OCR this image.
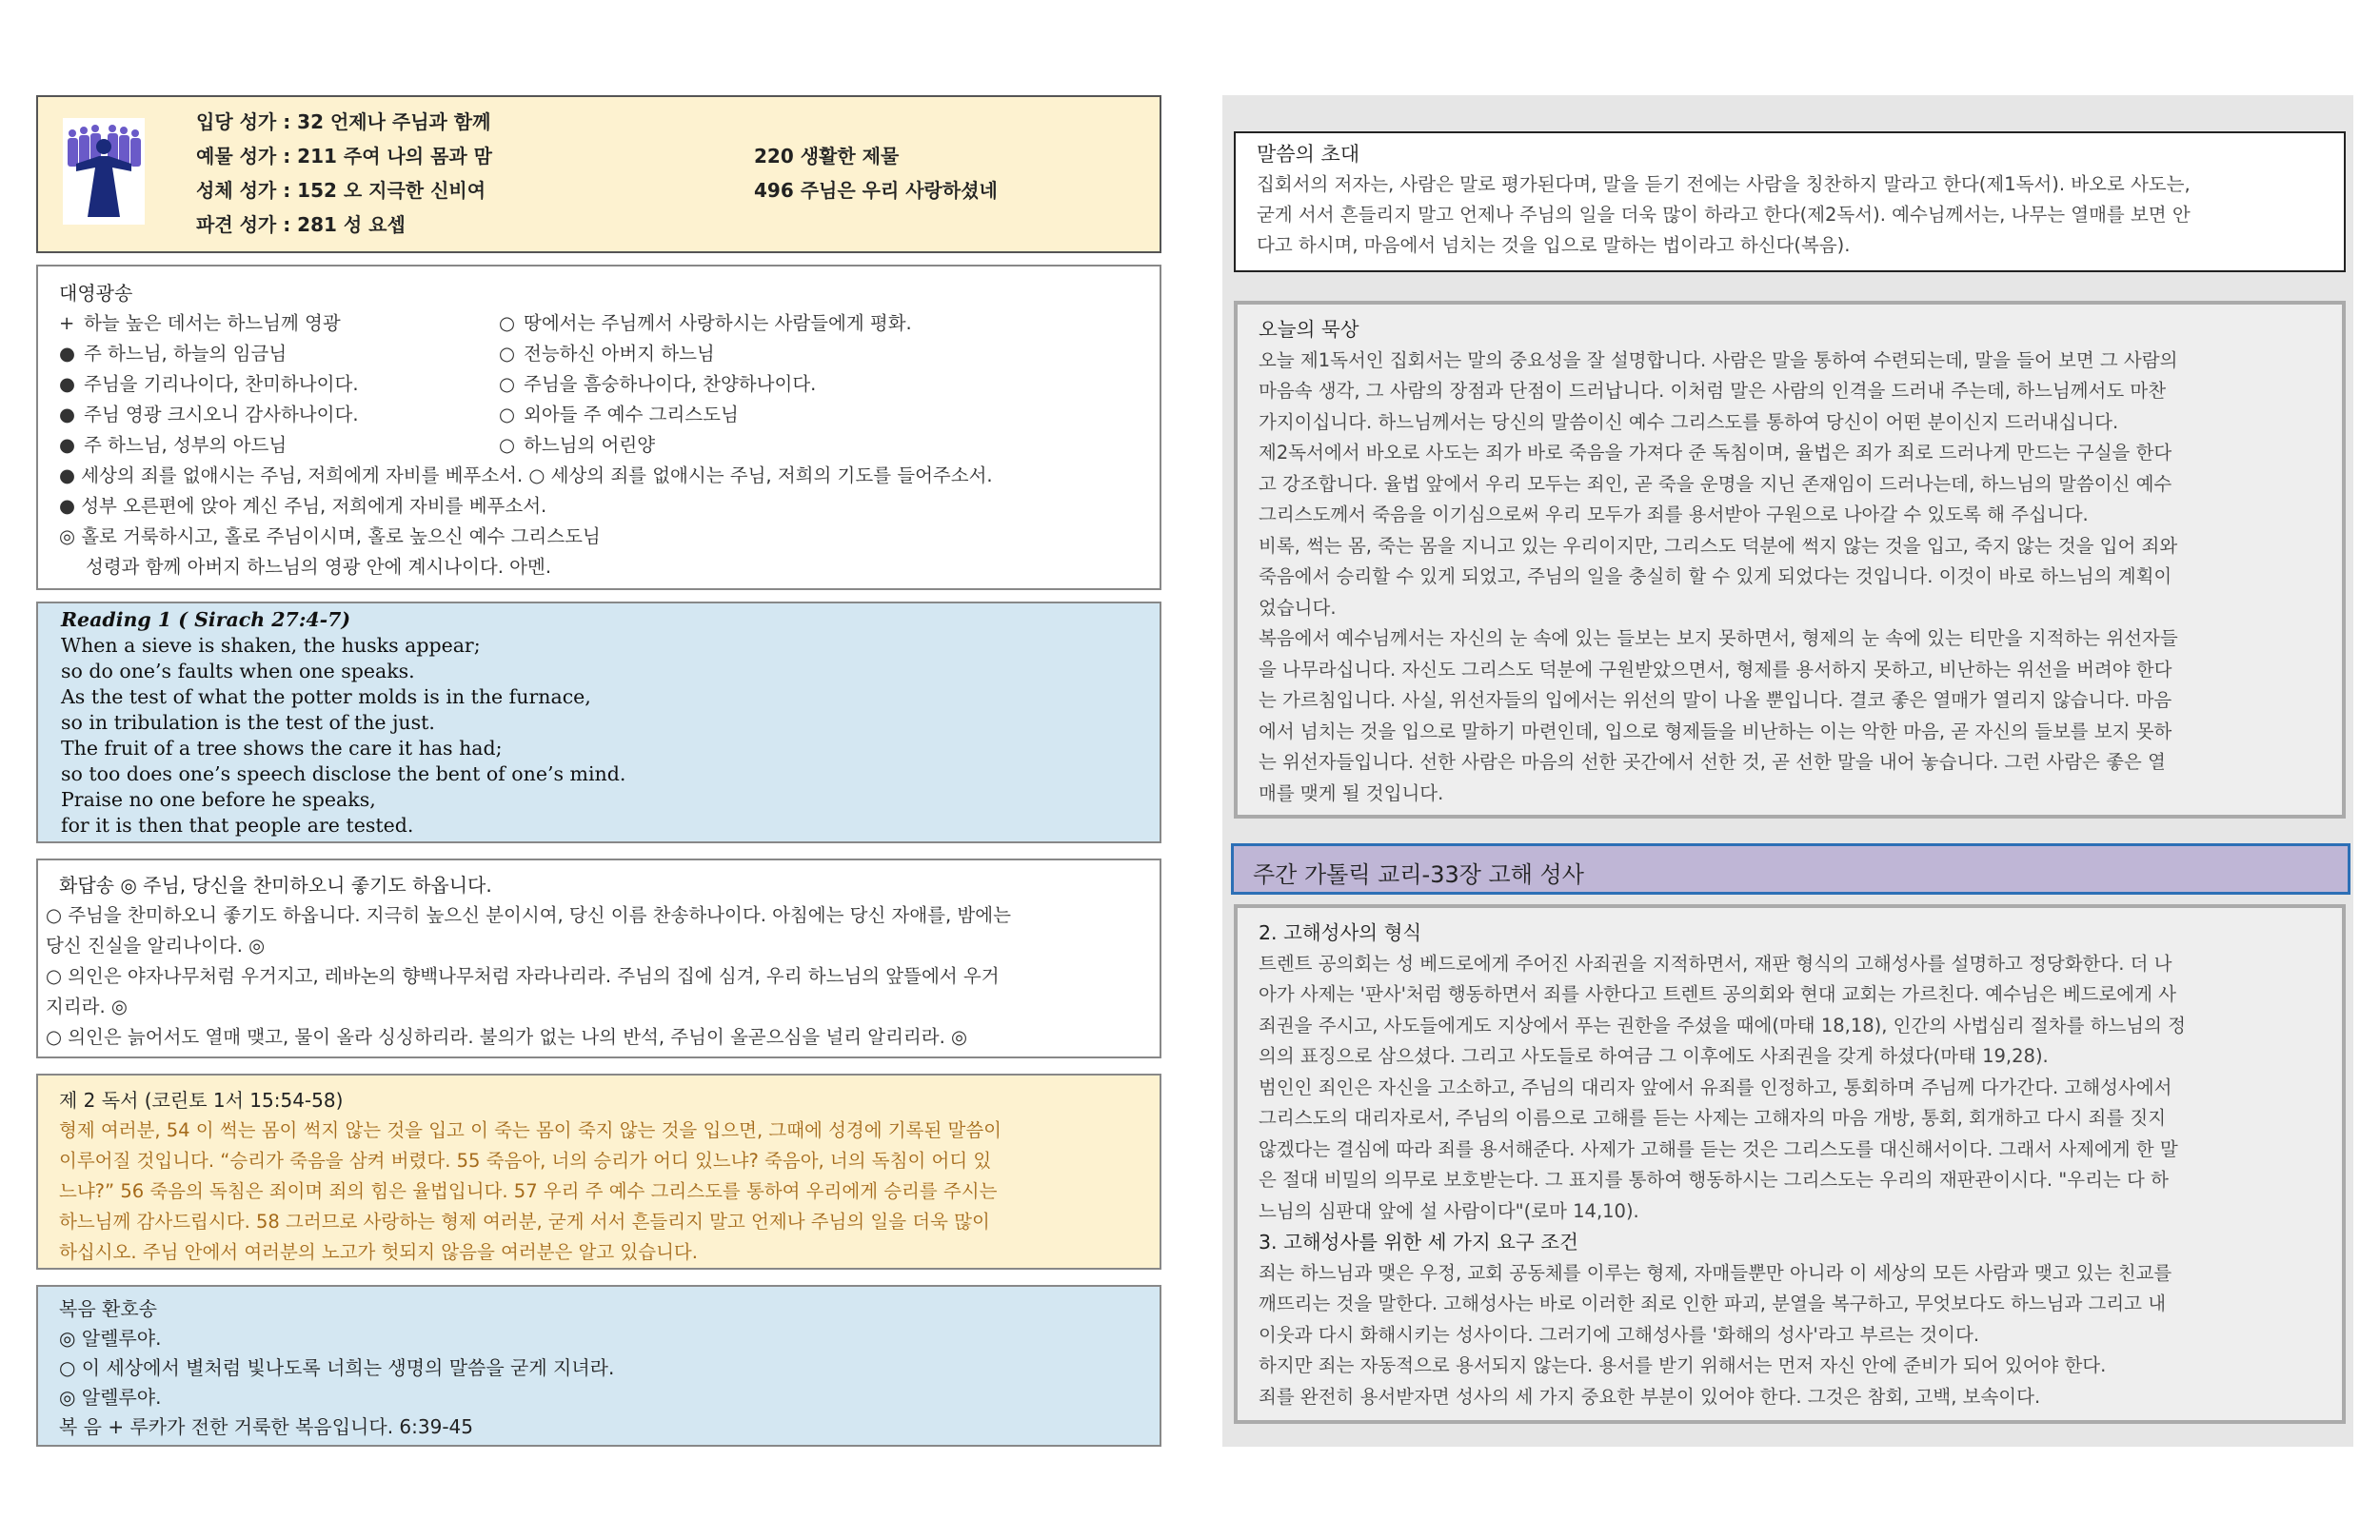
입당 성가 : 32 언제나 주님과 함께
예물 성가 : 211 주여 나의 몸과 맘	220 생활한 제물
성체 성가 : 152 오 지극한 신비여	496 주님은 우리 사랑하셨네
파견 성가 : 281 성 요셉
대영광송
+ 하늘 높은 데서는 하느님께 영광
● 주 하느님, 하늘의 임금님
● 주님을 기리나이다, 찬미하나이다.
● 주님 영광 크시오니 감사하나이다.
● 주 하느님, 성부의 아드님
○ 땅에서는 주님께서 사랑하시는 사람들에게 평화.
○ 전능하신 아버지 하느님
○ 주님을 흠숭하나이다, 찬양하나이다.
○ 외아들 주 예수 그리스도님
○ 하느님의 어린양
● 세상의 죄를 없애시는 주님, 저희에게 자비를 베푸소서. ○ 세상의 죄를 없애시는 주님, 저희의 기도를 들어주소서.
● 성부 오른편에 앉아 계신 주님, 저희에게 자비를 베푸소서.
◎ 홀로 거룩하시고, 홀로 주님이시며, 홀로 높으신 예수 그리스도님
성령과 함께 아버지 하느님의 영광 안에 계시나이다. 아멘.
Reading 1 ( Sirach 27:4-7)
When a sieve is shaken, the husks appear;
so do one’s faults when one speaks.
As the test of what the potter molds is in the furnace,
so in tribulation is the test of the just.
The fruit of a tree shows the care it has had;
so too does one’s speech disclose the bent of one’s mind.
Praise no one before he speaks,
for it is then that people are tested.
화답송 ◎ 주님, 당신을 찬미하오니 좋기도 하옵니다.
○ 주님을 찬미하오니 좋기도 하옵니다. 지극히 높으신 분이시여, 당신 이름 찬송하나이다. 아침에는 당신 자애를, 밤에는
당신 진실을 알리나이다. ◎
○ 의인은 야자나무처럼 우거지고, 레바논의 향백나무처럼 자라나리라. 주님의 집에 심겨, 우리 하느님의 앞뜰에서 우거
지리라. ◎
○ 의인은 늙어서도 열매 맺고, 물이 올라 싱싱하리라. 불의가 없는 나의 반석, 주님이 올곧으심을 널리 알리리라. ◎
제 2 독서 (코린토 1서 15:54-58)
형제 여러분, 54 이 썩는 몸이 썩지 않는 것을 입고 이 죽는 몸이 죽지 않는 것을 입으면, 그때에 성경에 기록된 말씀이
이루어질 것입니다. “승리가 죽음을 삼켜 버렸다. 55 죽음아, 너의 승리가 어디 있느냐? 죽음아, 너의 독침이 어디 있
느냐?” 56 죽음의 독침은 죄이며 죄의 힘은 율법입니다. 57 우리 주 예수 그리스도를 통하여 우리에게 승리를 주시는
하느님께 감사드립시다. 58 그러므로 사랑하는 형제 여러분, 굳게 서서 흔들리지 말고 언제나 주님의 일을 더욱 많이
하십시오. 주님 안에서 여러분의 노고가 헛되지 않음을 여러분은 알고 있습니다.
복음 환호송
◎ 알렐루야.
○ 이 세상에서 별처럼 빛나도록 너희는 생명의 말씀을 굳게 지녀라.
◎ 알렐루야.
복 음 + 루카가 전한 거룩한 복음입니다. 6:39-45
말씀의 초대
집회서의 저자는, 사람은 말로 평가된다며, 말을 듣기 전에는 사람을 칭찬하지 말라고 한다(제1독서). 바오로 사도는,
굳게 서서 흔들리지 말고 언제나 주님의 일을 더욱 많이 하라고 한다(제2독서). 예수님께서는, 나무는 열매를 보면 안
다고 하시며, 마음에서 넘치는 것을 입으로 말하는 법이라고 하신다(복음).
오늘의 묵상
오늘 제1독서인 집회서는 말의 중요성을 잘 설명합니다. 사람은 말을 통하여 수련되는데, 말을 들어 보면 그 사람의
마음속 생각, 그 사람의 장점과 단점이 드러납니다. 이처럼 말은 사람의 인격을 드러내 주는데, 하느님께서도 마찬
가지이십니다. 하느님께서는 당신의 말씀이신 예수 그리스도를 통하여 당신이 어떤 분이신지 드러내십니다.
제2독서에서 바오로 사도는 죄가 바로 죽음을 가져다 준 독침이며, 율법은 죄가 죄로 드러나게 만드는 구실을 한다
고 강조합니다. 율법 앞에서 우리 모두는 죄인, 곧 죽을 운명을 지닌 존재임이 드러나는데, 하느님의 말씀이신 예수
그리스도께서 죽음을 이기심으로써 우리 모두가 죄를 용서받아 구원으로 나아갈 수 있도록 해 주십니다.
비록, 썩는 몸, 죽는 몸을 지니고 있는 우리이지만, 그리스도 덕분에 썩지 않는 것을 입고, 죽지 않는 것을 입어 죄와
죽음에서 승리할 수 있게 되었고, 주님의 일을 충실히 할 수 있게 되었다는 것입니다. 이것이 바로 하느님의 계획이
었습니다.
복음에서 예수님께서는 자신의 눈 속에 있는 들보는 보지 못하면서, 형제의 눈 속에 있는 티만을 지적하는 위선자들
을 나무라십니다. 자신도 그리스도 덕분에 구원받았으면서, 형제를 용서하지 못하고, 비난하는 위선을 버려야 한다
는 가르침입니다. 사실, 위선자들의 입에서는 위선의 말이 나올 뿐입니다. 결코 좋은 열매가 열리지 않습니다. 마음
에서 넘치는 것을 입으로 말하기 마련인데, 입으로 형제들을 비난하는 이는 악한 마음, 곧 자신의 들보를 보지 못하
는 위선자들입니다. 선한 사람은 마음의 선한 곳간에서 선한 것, 곧 선한 말을 내어 놓습니다. 그런 사람은 좋은 열
매를 맺게 될 것입니다.
주간 가톨릭 교리-33장 고해 성사
2. 고해성사의 형식
트렌트 공의회는 성 베드로에게 주어진 사죄권을 지적하면서, 재판 형식의 고해성사를 설명하고 정당화한다. 더 나
아가 사제는 '판사'처럼 행동하면서 죄를 사한다고 트렌트 공의회와 현대 교회는 가르친다. 예수님은 베드로에게 사
죄권을 주시고, 사도들에게도 지상에서 푸는 권한을 주셨을 때에(마태 18,18), 인간의 사법심리 절차를 하느님의 정
의의 표징으로 삼으셨다. 그리고 사도들로 하여금 그 이후에도 사죄권을 갖게 하셨다(마태 19,28).
범인인 죄인은 자신을 고소하고, 주님의 대리자 앞에서 유죄를 인정하고, 통회하며 주님께 다가간다. 고해성사에서
그리스도의 대리자로서, 주님의 이름으로 고해를 듣는 사제는 고해자의 마음 개방, 통회, 회개하고 다시 죄를 짓지
않겠다는 결심에 따라 죄를 용서해준다. 사제가 고해를 듣는 것은 그리스도를 대신해서이다. 그래서 사제에게 한 말
은 절대 비밀의 의무로 보호받는다. 그 표지를 통하여 행동하시는 그리스도는 우리의 재판관이시다. "우리는 다 하
느님의 심판대 앞에 설 사람이다"(로마 14,10).
3. 고해성사를 위한 세 가지 요구 조건
죄는 하느님과 맺은 우정, 교회 공동체를 이루는 형제, 자매들뿐만 아니라 이 세상의 모든 사람과 맺고 있는 친교를
깨뜨리는 것을 말한다. 고해성사는 바로 이러한 죄로 인한 파괴, 분열을 복구하고, 무엇보다도 하느님과 그리고 내
이웃과 다시 화해시키는 성사이다. 그러기에 고해성사를 '화해의 성사'라고 부르는 것이다.
하지만 죄는 자동적으로 용서되지 않는다. 용서를 받기 위해서는 먼저 자신 안에 준비가 되어 있어야 한다.
죄를 완전히 용서받자면 성사의 세 가지 중요한 부분이 있어야 한다. 그것은 참회, 고백, 보속이다.
